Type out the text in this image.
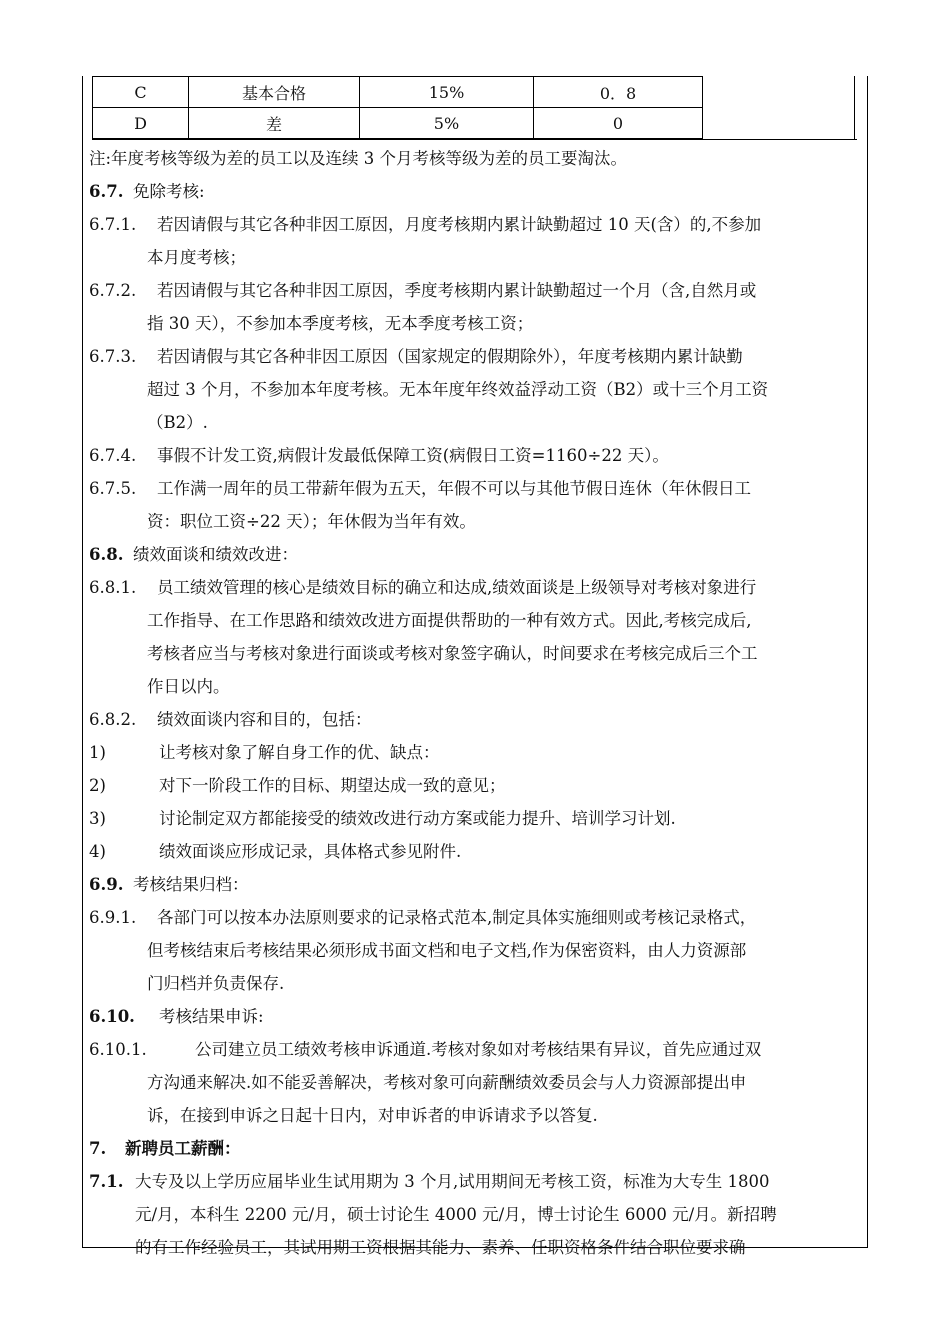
C	基本合格	15%	0．8
D	差	5%	0
注:年度考核等级为差的员工以及连续 3 个月考核等级为差的员工要淘汰。
6.7. 免除考核:
6.7.1. 若因请假与其它各种非因工原因，月度考核期内累计缺勤超过 10 天(含）的,不参加
本月度考核；
6.7.2. 若因请假与其它各种非因工原因，季度考核期内累计缺勤超过一个月（含,自然月或
指 30 天），不参加本季度考核，无本季度考核工资；
6.7.3. 若因请假与其它各种非因工原因（国家规定的假期除外），年度考核期内累计缺勤
超过 3 个月，不参加本年度考核。无本年度年终效益浮动工资（B2）或十三个月工资
（B2）.
6.7.4. 事假不计发工资,病假计发最低保障工资(病假日工资=1160÷22 天）。
6.7.5. 工作满一周年的员工带薪年假为五天，年假不可以与其他节假日连休（年休假日工
资：职位工资÷22 天）；年休假为当年有效。
6.8. 绩效面谈和绩效改进：
6.8.1. 员工绩效管理的核心是绩效目标的确立和达成,绩效面谈是上级领导对考核对象进行
工作指导、在工作思路和绩效改进方面提供帮助的一种有效方式。因此,考核完成后,
考核者应当与考核对象进行面谈或考核对象签字确认，时间要求在考核完成后三个工
作日以内。
6.8.2. 绩效面谈内容和目的，包括：
1)	让考核对象了解自身工作的优、缺点：
2)	对下一阶段工作的目标、期望达成一致的意见；
3)	讨论制定双方都能接受的绩效改进行动方案或能力提升、培训学习计划.
4)	绩效面谈应形成记录，具体格式参见附件.
6.9. 考核结果归档：
6.9.1. 各部门可以按本办法原则要求的记录格式范本,制定具体实施细则或考核记录格式，
但考核结束后考核结果必须形成书面文档和电子文档,作为保密资料，由人力资源部
门归档并负责保存.
6.10. 考核结果申诉:
6.10.1.	公司建立员工绩效考核申诉通道.考核对象如对考核结果有异议，首先应通过双
方沟通来解决.如不能妥善解决，考核对象可向薪酬绩效委员会与人力资源部提出申
诉，在接到申诉之日起十日内，对申诉者的申诉请求予以答复.
7. 新聘员工薪酬：
7.1. 大专及以上学历应届毕业生试用期为 3 个月,试用期间无考核工资，标准为大专生 1800
元/月，本科生 2200 元/月，硕士讨论生 4000 元/月，博士讨论生 6000 元/月。新招聘
的有工作经验员工，其试用期工资根据其能力、素养、任职资格条件结合职位要求确
